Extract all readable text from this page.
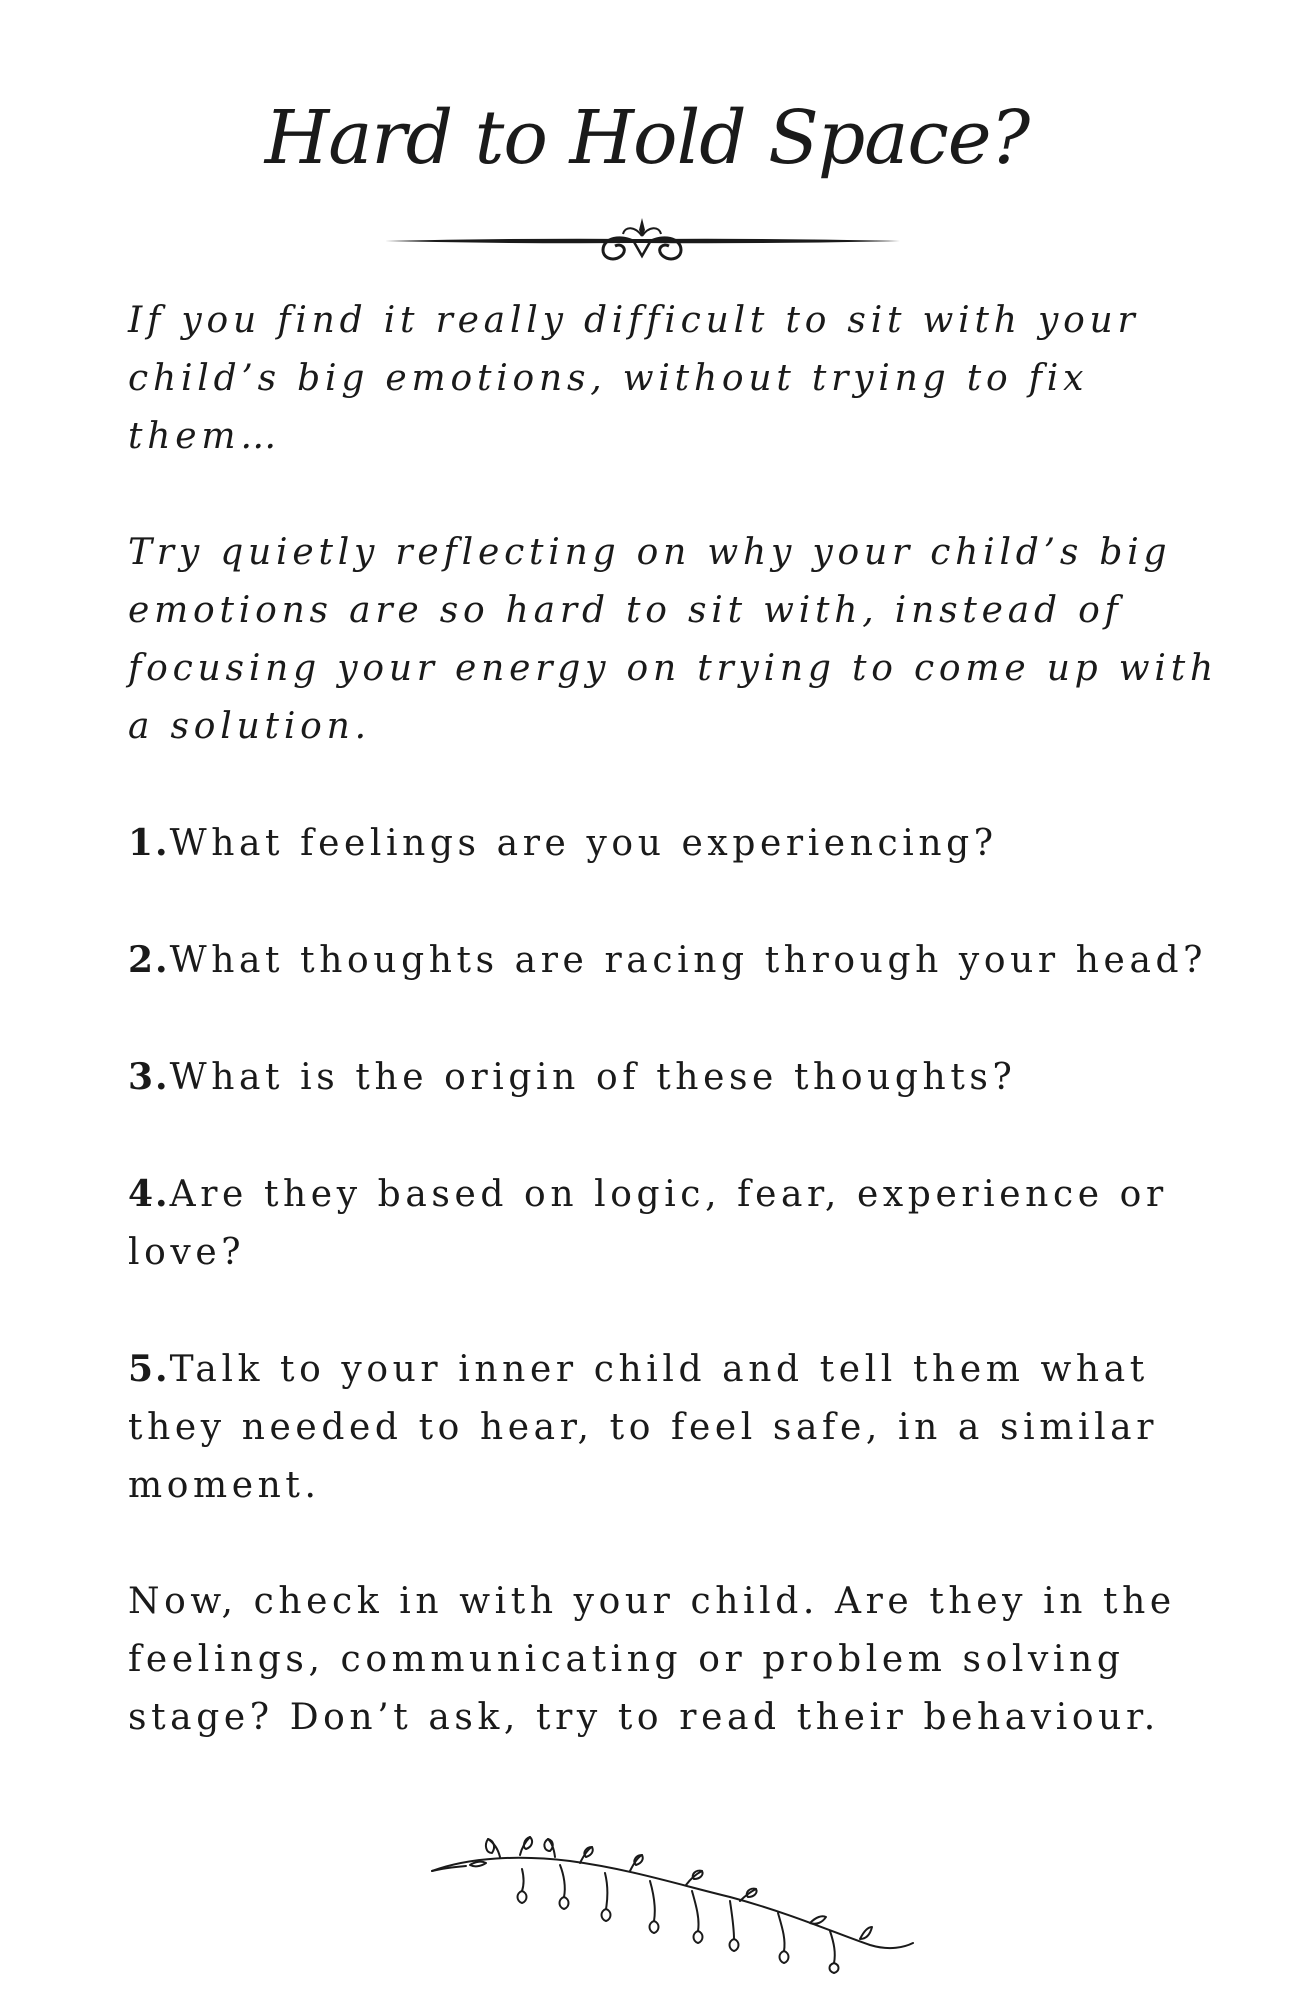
Hard to Hold Space?

If you find it really difficult to sit with your child’s big emotions, without trying to fix them…

Try quietly reflecting on why your child’s big emotions are so hard to sit with, instead of focusing your energy on trying to come up with a solution.

1.What feelings are you experiencing?
2.What thoughts are racing through your head?
3.What is the origin of these thoughts?
4.Are they based on logic, fear, experience or love?
5.Talk to your inner child and tell them what they needed to hear, to feel safe, in a similar moment.

Now, check in with your child. Are they in the feelings, communicating or problem solving stage? Don’t ask, try to read their behaviour.
